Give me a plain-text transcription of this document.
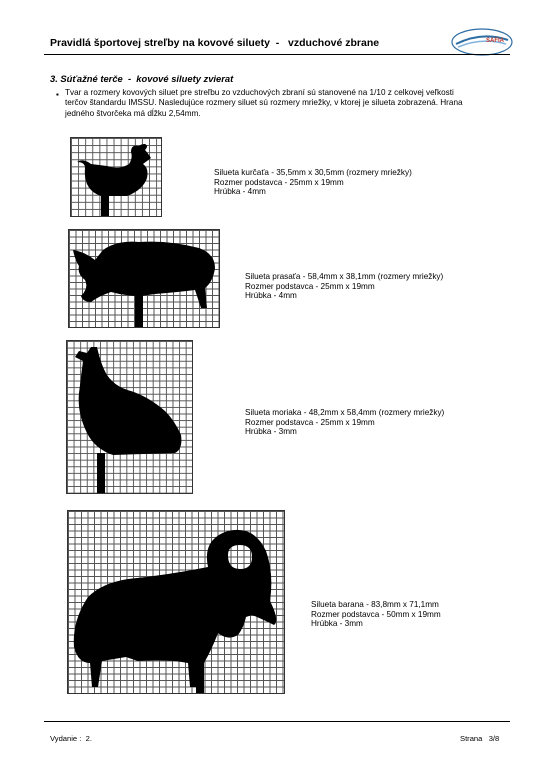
Pravidlá športovej streľby na kovové siluety  -   vzduchové zbrane	SAFIA
3. Súťažné terče  -  kovové siluety zvierat
▪ Tvar a rozmery kovových siluet pre streľbu zo vzduchových zbraní sú stanovené na 1/10 z celkovej veľkosti
terčov štandardu IMSSU. Nasledujúce rozmery siluet sú rozmery mriežky, v ktorej je silueta zobrazená. Hrana
jedného štvorčeka má dĺžku 2,54mm.
Silueta kurčaťa - 35,5mm x 30,5mm (rozmery mriežky)
Rozmer podstavca - 25mm x 19mm
Hrúbka - 4mm
Silueta prasaťa - 58,4mm x 38,1mm (rozmery mriežky)
Rozmer podstavca - 25mm x 19mm
Hrúbka - 4mm
Silueta moriaka - 48,2mm x 58,4mm (rozmery mriežky)
Rozmer podstavca - 25mm x 19mm
Hrúbka - 3mm
Silueta barana - 83,8mm x 71,1mm
Rozmer podstavca - 50mm x 19mm
Hrúbka - 3mm
Vydanie :  2.	Strana   3/8
